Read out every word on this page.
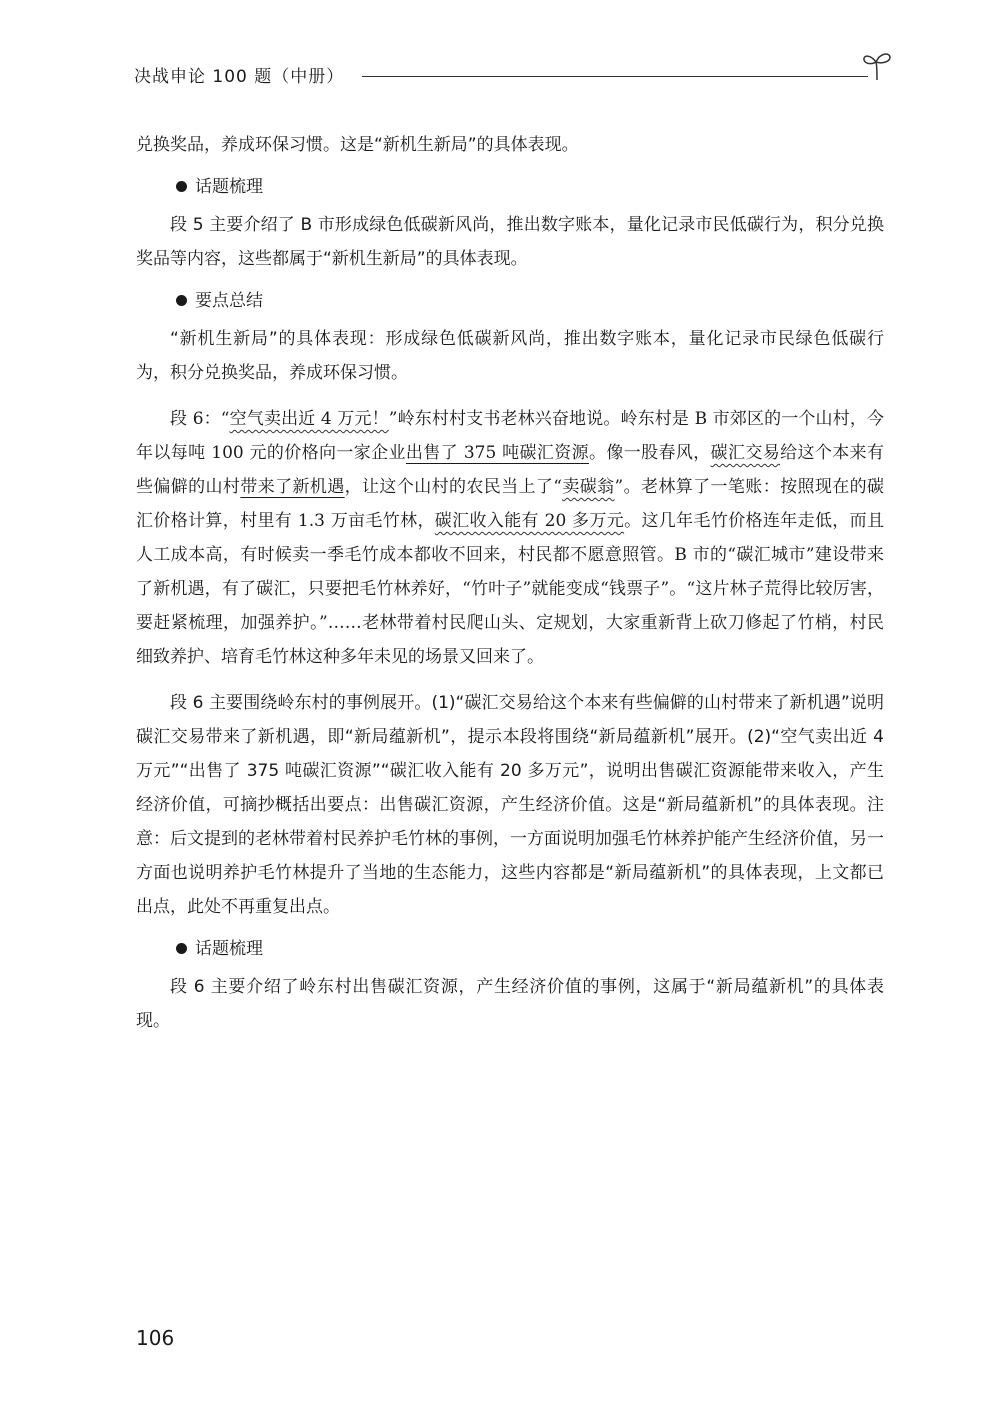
决战申论 100 题（中册）

兑换奖品，养成环保习惯。这是“新机生新局”的具体表现。

话题梳理

段 5 主要介绍了 B 市形成绿色低碳新风尚，推出数字账本，量化记录市民低碳行为，积分兑换奖品等内容，这些都属于“新机生新局”的具体表现。

要点总结

“新机生新局”的具体表现：形成绿色低碳新风尚，推出数字账本，量化记录市民绿色低碳行为，积分兑换奖品，养成环保习惯。

段 6：“空气卖出近 4 万元！”岭东村村支书老林兴奋地说。岭东村是 B 市郊区的一个山村，今年以每吨 100 元的价格向一家企业出售了 375 吨碳汇资源。像一股春风，碳汇交易给这个本来有些偏僻的山村带来了新机遇，让这个山村的农民当上了“卖碳翁”。老林算了一笔账：按照现在的碳汇价格计算，村里有 1.3 万亩毛竹林，碳汇收入能有 20 多万元。这几年毛竹价格连年走低，而且人工成本高，有时候卖一季毛竹成本都收不回来，村民都不愿意照管。B 市的“碳汇城市”建设带来了新机遇，有了碳汇，只要把毛竹林养好，“竹叶子”就能变成“钱票子”。“这片林子荒得比较厉害，要赶紧梳理，加强养护。”……老林带着村民爬山头、定规划，大家重新背上砍刀修起了竹梢，村民细致养护、培育毛竹林这种多年未见的场景又回来了。

段 6 主要围绕岭东村的事例展开。(1)“碳汇交易给这个本来有些偏僻的山村带来了新机遇”说明碳汇交易带来了新机遇，即“新局蕴新机”，提示本段将围绕“新局蕴新机”展开。(2)“空气卖出近 4 万元”“出售了 375 吨碳汇资源”“碳汇收入能有 20 多万元”，说明出售碳汇资源能带来收入，产生经济价值，可摘抄概括出要点：出售碳汇资源，产生经济价值。这是“新局蕴新机”的具体表现。注意：后文提到的老林带着村民养护毛竹林的事例，一方面说明加强毛竹林养护能产生经济价值，另一方面也说明养护毛竹林提升了当地的生态能力，这些内容都是“新局蕴新机”的具体表现，上文都已出点，此处不再重复出点。

话题梳理

段 6 主要介绍了岭东村出售碳汇资源，产生经济价值的事例，这属于“新局蕴新机”的具体表现。

106
